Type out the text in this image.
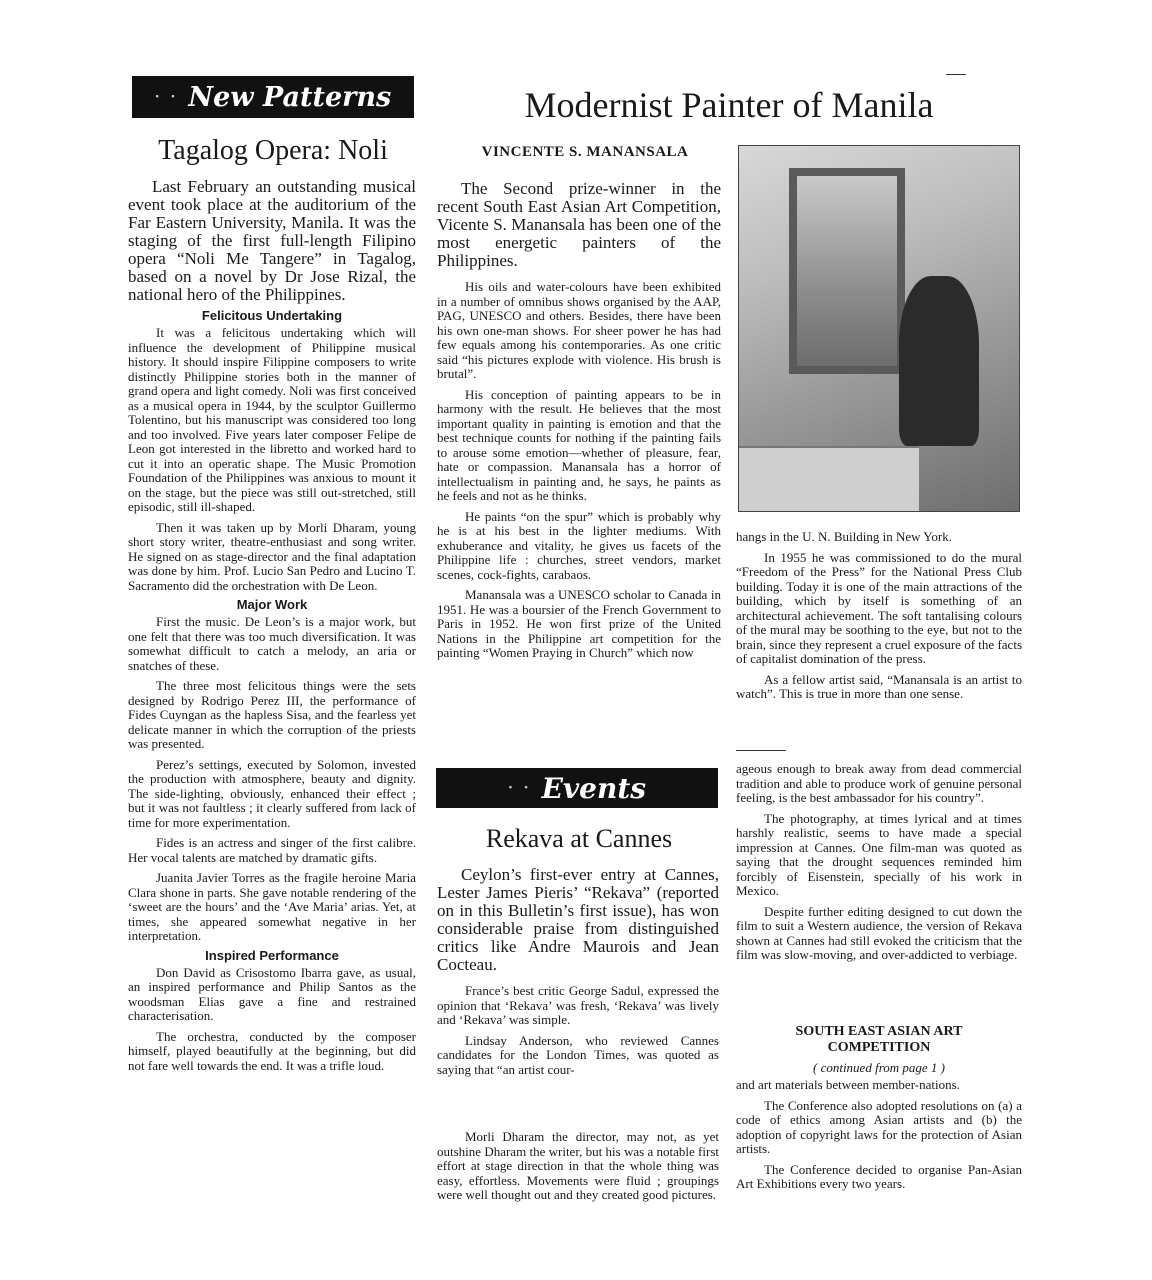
· · New Patterns
Tagalog Opera: Noli

Last February an outstanding musical event took place at the auditorium of the Far Eastern University, Manila. It was the staging of the first full-length Filipino opera “Noli Me Tangere” in Tagalog, based on a novel by Dr Jose Rizal, the national hero of the Philippines.

Felicitous Undertaking

It was a felicitous undertaking which will influence the development of Philippine musical history. It should inspire Filippine composers to write distinctly Philippine stories both in the manner of grand opera and light comedy. Noli was first conceived as a musical opera in 1944, by the sculptor Guillermo Tolentino, but his manuscript was considered too long and too involved. Five years later composer Felipe de Leon got interested in the libretto and worked hard to cut it into an operatic shape. The Music Promotion Foundation of the Philippines was anxious to mount it on the stage, but the piece was still out-stretched, still episodic, still ill-shaped.

Then it was taken up by Morli Dharam, young short story writer, theatre-enthusiast and song writer. He signed on as stage-director and the final adaptation was done by him. Prof. Lucio San Pedro and Lucino T. Sacramento did the orchestration with De Leon.

Major Work

First the music. De Leon’s is a major work, but one felt that there was too much diversification. It was somewhat difficult to catch a melody, an aria or snatches of these.

The three most felicitous things were the sets designed by Rodrigo Perez III, the performance of Fides Cuyngan as the hapless Sisa, and the fearless yet delicate manner in which the corruption of the priests was presented.

Perez’s settings, executed by Solomon, invested the production with atmosphere, beauty and dignity. The side-lighting, obviously, enhanced their effect ; but it was not faultless ; it clearly suffered from lack of time for more experimentation.

Fides is an actress and singer of the first calibre. Her vocal talents are matched by dramatic gifts.

Juanita Javier Torres as the fragile heroine Maria Clara shone in parts. She gave notable rendering of the ‘sweet are the hours’ and the ‘Ave Maria’ arias. Yet, at times, she appeared somewhat negative in her interpretation.

Inspired Performance

Don David as Crisostomo Ibarra gave, as usual, an inspired performance and Philip Santos as the woodsman Elias gave a fine and restrained characterisation.

The orchestra, conducted by the composer himself, played beautifully at the beginning, but did not fare well towards the end. It was a trifle loud.

Modernist Painter of Manila
VINCENTE S. MANANSALA

The Second prize-winner in the recent South East Asian Art Competition, Vicente S. Manansala has been one of the most energetic painters of the Philippines.

His oils and water-colours have been exhibited in a number of omnibus shows organised by the AAP, PAG, UNESCO and others. Besides, there have been his own one-man shows. For sheer power he has had few equals among his contemporaries. As one critic said “his pictures explode with violence. His brush is brutal”.

His conception of painting appears to be in harmony with the result. He believes that the most important quality in painting is emotion and that the best technique counts for nothing if the painting fails to arouse some emotion—whether of pleasure, fear, hate or compassion. Manansala has a horror of intellectualism in painting and, he says, he paints as he feels and not as he thinks.

He paints “on the spur” which is probably why he is at his best in the lighter mediums. With exhuberance and vitality, he gives us facets of the Philippine life : churches, street vendors, market scenes, cock-fights, carabaos.

Manansala was a UNESCO scholar to Canada in 1951. He was a boursier of the French Government to Paris in 1952. He won first prize of the United Nations in the Philippine art competition for the painting “Women Praying in Church” which now

hangs in the U. N. Building in New York.

In 1955 he was commissioned to do the mural “Freedom of the Press” for the National Press Club building. Today it is one of the main attractions of the building, which by itself is something of an architectural achievement. The soft tantalising colours of the mural may be soothing to the eye, but not to the brain, since they represent a cruel exposure of the facts of capitalist domination of the press.

As a fellow artist said, “Manansala is an artist to watch”. This is true in more than one sense.

· · Events
Rekava at Cannes

Ceylon’s first-ever entry at Cannes, Lester James Pieris’ “Rekava” (reported on in this Bulletin’s first issue), has won considerable praise from distinguished critics like Andre Maurois and Jean Cocteau.

France’s best critic George Sadul, expressed the opinion that ‘Rekava’ was fresh, ‘Rekava’ was lively and ‘Rekava’ was simple.

Lindsay Anderson, who reviewed Cannes candidates for the London Times, was quoted as saying that “an artist cour-

Morli Dharam the director, may not, as yet outshine Dharam the writer, but his was a notable first effort at stage direction in that the whole thing was easy, effortless. Movements were fluid ; groupings were well thought out and they created good pictures.

ageous enough to break away from dead commercial tradition and able to produce work of genuine personal feeling, is the best ambassador for his country”.

The photography, at times lyrical and at times harshly realistic, seems to have made a special impression at Cannes. One film-man was quoted as saying that the drought sequences reminded him forcibly of Eisenstein, specially of his work in Mexico.

Despite further editing designed to cut down the film to suit a Western audience, the version of Rekava shown at Cannes had still evoked the criticism that the film was slow-moving, and over-addicted to verbiage.

SOUTH EAST ASIAN ART COMPETITION
( continued from page 1 )

and art materials between member-nations.

The Conference also adopted resolutions on (a) a code of ethics among Asian artists and (b) the adoption of copyright laws for the protection of Asian artists.

The Conference decided to organise Pan-Asian Art Exhibitions every two years.
